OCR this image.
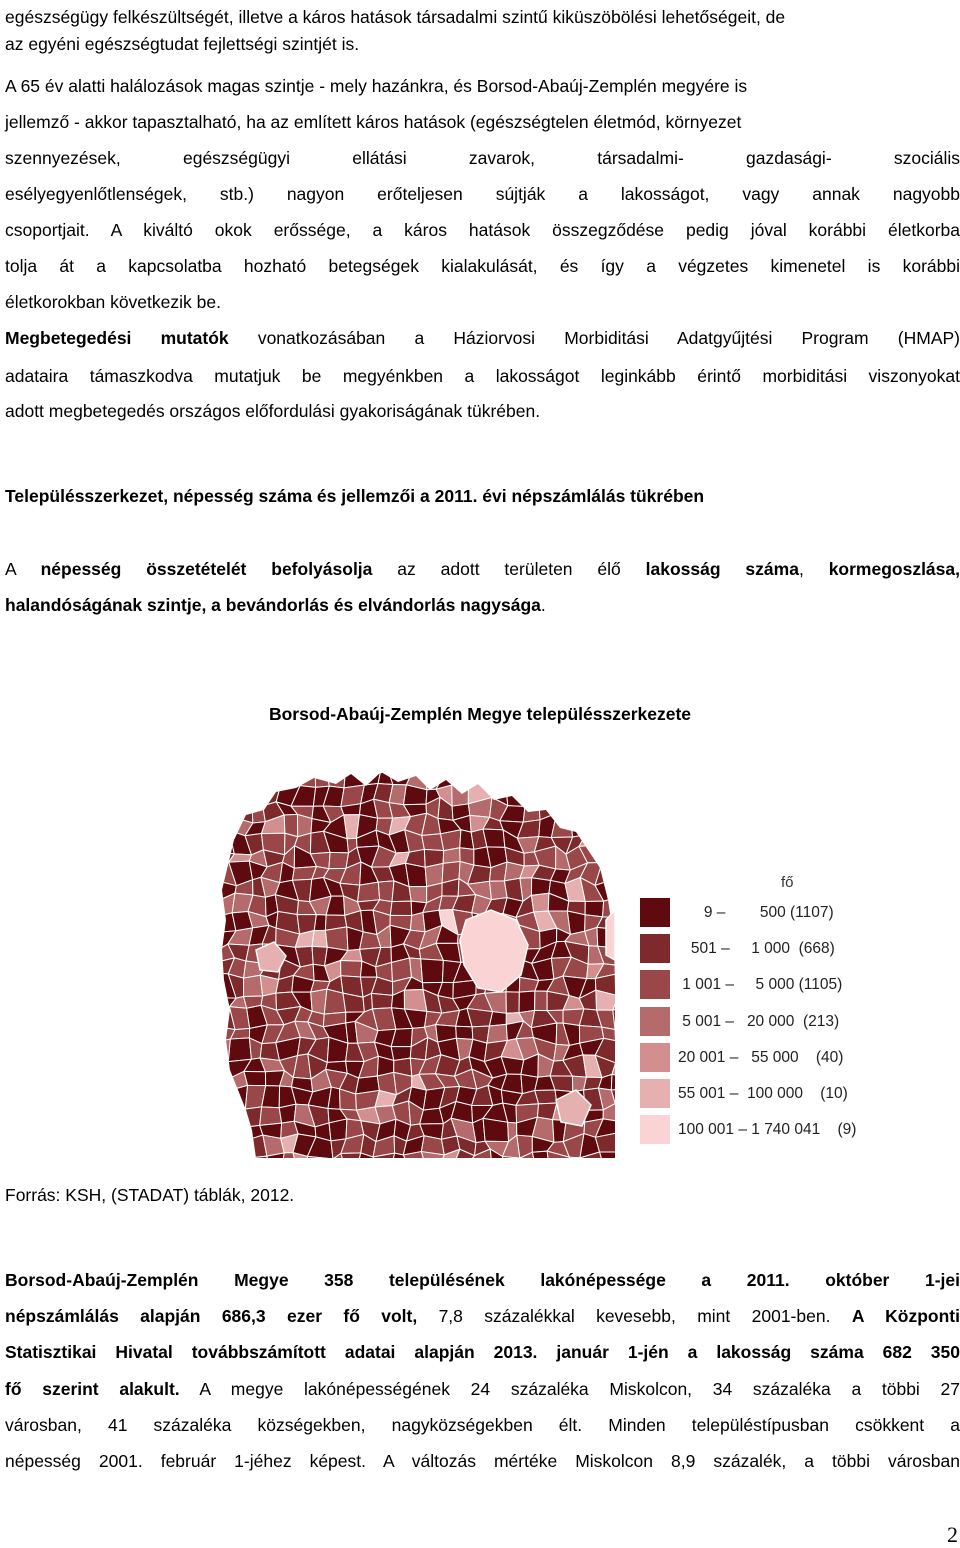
egészségügy felkészültségét, illetve a káros hatások társadalmi szintű kiküszöbölési lehetőségeit, de
az egyéni egészségtudat fejlettségi szintjét is.
A 65 év alatti halálozások magas szintje - mely hazánkra, és Borsod-Abaúj-Zemplén megyére is
jellemző - akkor tapasztalható, ha az említett káros hatások (egészségtelen életmód, környezet
szennyezések, egészségügyi ellátási zavarok, társadalmi- gazdasági- szociális
esélyegyenlőtlenségek, stb.) nagyon erőteljesen sújtják a lakosságot, vagy annak nagyobb
csoportjait. A kiváltó okok erőssége, a káros hatások összegződése pedig jóval korábbi életkorba
tolja át a kapcsolatba hozható betegségek kialakulását, és így a végzetes kimenetel is korábbi
életkorokban következik be.
Megbetegedési mutatók vonatkozásában a Háziorvosi Morbiditási Adatgyűjtési Program (HMAP)
adataira támaszkodva mutatjuk be megyénkben a lakosságot leginkább érintő morbiditási viszonyokat
adott megbetegedés országos előfordulási gyakoriságának tükrében.
Településszerkezet, népesség száma és jellemzői a 2011. évi népszámlálás tükrében
A népesség összetételét befolyásolja az adott területen élő lakosság száma, kormegoszlása,
halandóságának szintje, a bevándorlás és elvándorlás nagysága.
Borsod-Abaúj-Zemplén Megye településszerkezete
fő
9 –        500 (1107)
501 –     1 000  (668)
1 001 –     5 000 (1105)
5 001 –   20 000  (213)
20 001 –   55 000    (40)
55 001 –  100 000    (10)
100 001 – 1 740 041    (9)
Forrás: KSH, (STADAT) táblák, 2012.
Borsod-Abaúj-Zemplén Megye 358 településének lakónépessége a 2011. október 1-jei
népszámlálás alapján 686,3 ezer fő volt, 7,8 százalékkal kevesebb, mint 2001-ben. A Központi
Statisztikai Hivatal továbbszámított adatai alapján 2013. január 1-jén a lakosság száma 682 350
fő szerint alakult. A megye lakónépességének 24 százaléka Miskolcon, 34 százaléka a többi 27
városban, 41 százaléka községekben, nagyközségekben élt. Minden településtípusban csökkent a
népesség 2001. február 1-jéhez képest. A változás mértéke Miskolcon 8,9 százalék, a többi városban
2
